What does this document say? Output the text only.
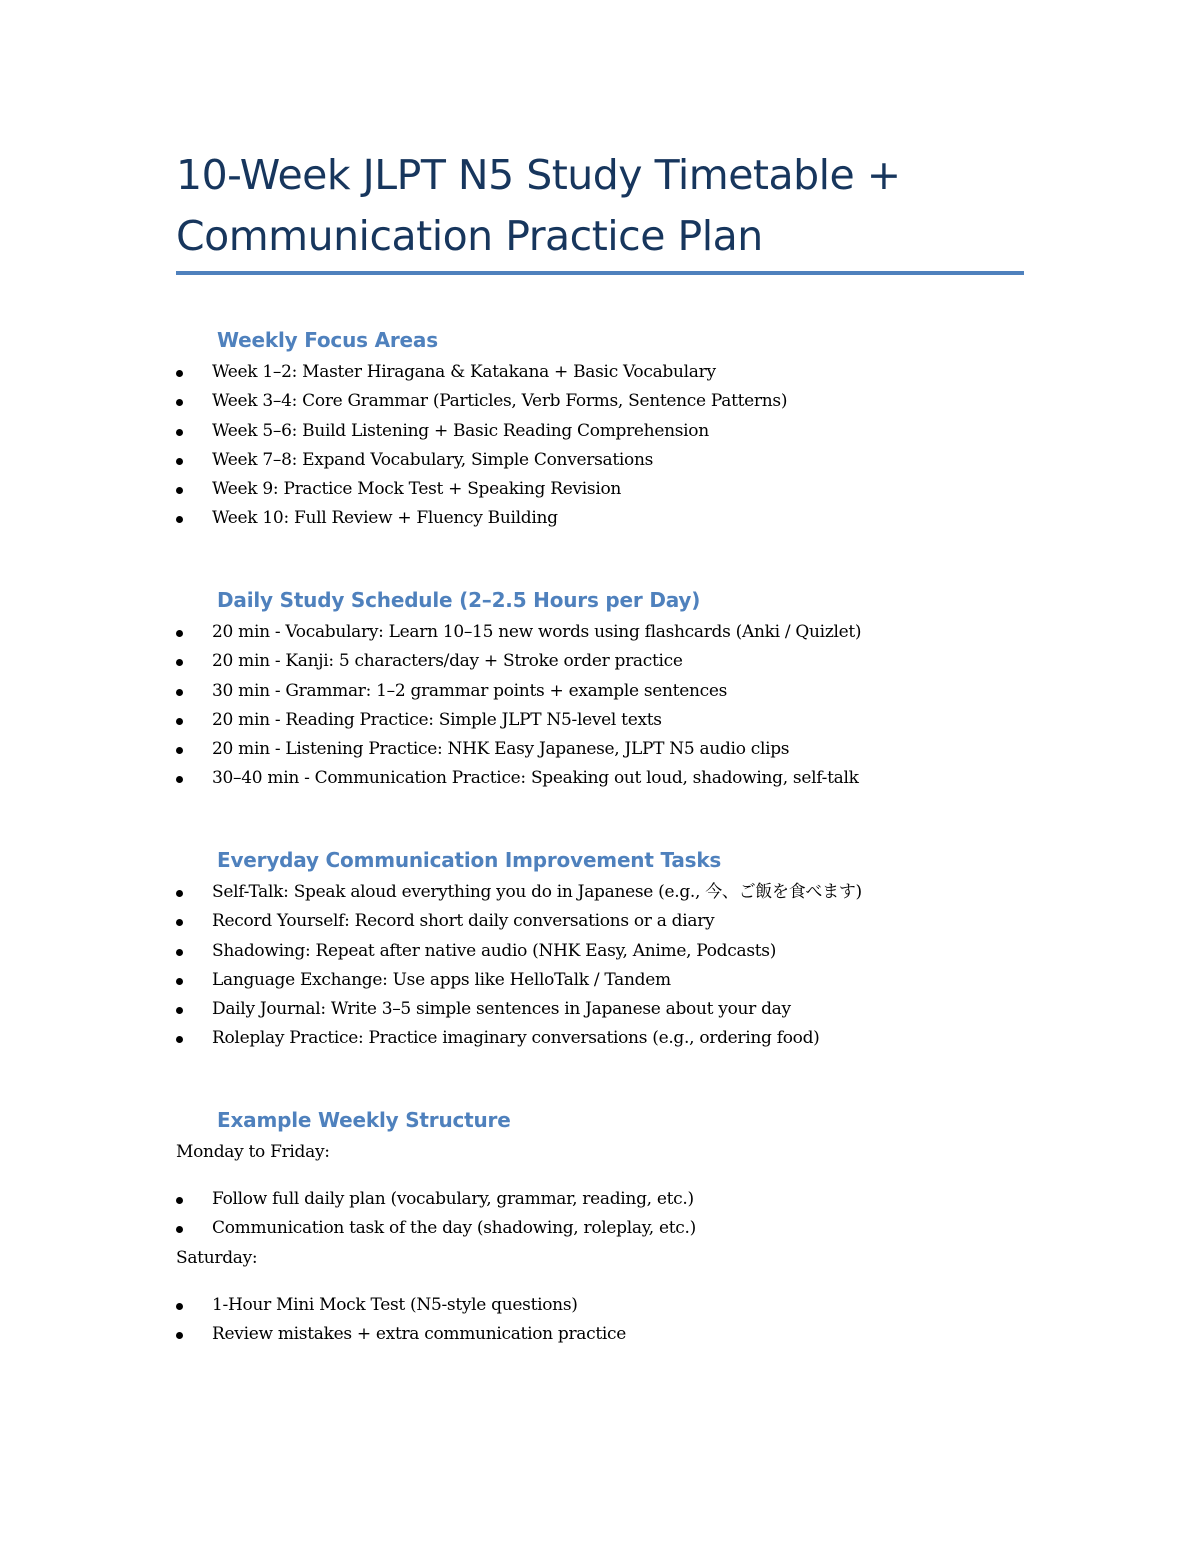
10-Week JLPT N5 Study Timetable +
Communication Practice Plan
Weekly Focus Areas
Week 1–2: Master Hiragana & Katakana + Basic Vocabulary
Week 3–4: Core Grammar (Particles, Verb Forms, Sentence Patterns)
Week 5–6: Build Listening + Basic Reading Comprehension
Week 7–8: Expand Vocabulary, Simple Conversations
Week 9: Practice Mock Test + Speaking Revision
Week 10: Full Review + Fluency Building
Daily Study Schedule (2–2.5 Hours per Day)
20 min - Vocabulary: Learn 10–15 new words using flashcards (Anki / Quizlet)
20 min - Kanji: 5 characters/day + Stroke order practice
30 min - Grammar: 1–2 grammar points + example sentences
20 min - Reading Practice: Simple JLPT N5-level texts
20 min - Listening Practice: NHK Easy Japanese, JLPT N5 audio clips
30–40 min - Communication Practice: Speaking out loud, shadowing, self-talk
Everyday Communication Improvement Tasks
Self-Talk: Speak aloud everything you do in Japanese (e.g., 今、ご飯を食べます)
Record Yourself: Record short daily conversations or a diary
Shadowing: Repeat after native audio (NHK Easy, Anime, Podcasts)
Language Exchange: Use apps like HelloTalk / Tandem
Daily Journal: Write 3–5 simple sentences in Japanese about your day
Roleplay Practice: Practice imaginary conversations (e.g., ordering food)
Example Weekly Structure

Monday to Friday:

Follow full daily plan (vocabulary, grammar, reading, etc.)
Communication task of the day (shadowing, roleplay, etc.)

Saturday:

1-Hour Mini Mock Test (N5-style questions)
Review mistakes + extra communication practice
